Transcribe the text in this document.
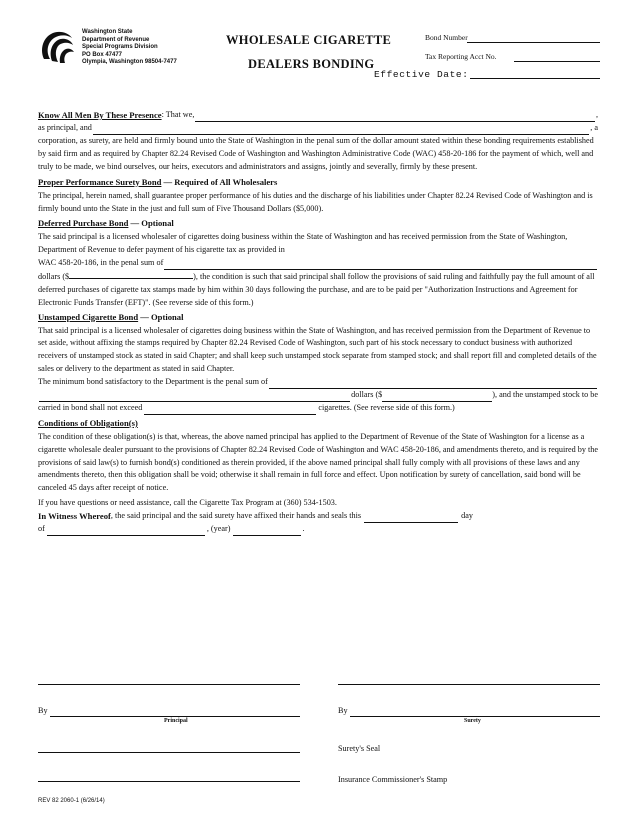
Washington State
Department of Revenue
Special Programs Division
PO Box 47477
Olympia, Washington 98504-7477
WHOLESALE CIGARETTE
DEALERS BONDING
Bond Number
Tax Reporting Acct No.
Effective Date:
Know All Men By These Presence : That we,	,
as principal, and	, a

corporation, as surety, are held and firmly bound unto the State of Washington in the penal sum of the dollar amount stated within these bonding requirements established by said firm and as required by Chapter 82.24 Revised Code of Washington and Washington Administrative Code (WAC) 458-20-186 for the payment of which, well and truly to be made, we bind ourselves, our heirs, executors and administrators and assigns, jointly and severally, firmly by these present.

Proper Performance Surety Bond — Required of All Wholesalers

The principal, herein named, shall guarantee proper performance of his duties and the discharge of his liabilities under Chapter 82.24 Revised Code of Washington and is firmly bound unto the State in the just and full sum of Five Thousand Dollars ($5,000).

Deferred Purchase Bond — Optional

The said principal is a licensed wholesaler of cigarettes doing business within the State of Washington and has received permission from the State of Washington, Department of Revenue to defer payment of his cigarette tax as provided in

WAC 458-20-186, in the penal sum of

dollars ($	), the condition is such that said principal shall follow the provisions of said ruling and faithfully pay the full amount of all deferred purchases of cigarette tax stamps made by him within 30 days following the purchase, and are to be paid per "Authorization Instructions and Agreement for Electronic Funds Transfer (EFT)". (See reverse side of this form.)

Unstamped Cigarette Bond — Optional

That said principal is a licensed wholesaler of cigarettes doing business within the State of Washington, and has received permission from the Department of Revenue to set aside, without affixing the stamps required by Chapter 82.24 Revised Code of Washington, such part of his stock necessary to conduct business with authorized receivers of unstamped stock as stated in said Chapter; and shall keep such unstamped stock separate from stamped stock; and shall report fill and completed details of the sales or delivery to the department as stated in said Chapter.

The minimum bond satisfactory to the Department is the penal sum of
dollars ($	), and the unstamped stock to be
carried in bond shall not exceed	cigarettes. (See reverse side of this form.)

Conditions of Obligation(s)

The condition of these obligation(s) is that, whereas, the above named principal has applied to the Department of Revenue of the State of Washington for a license as a cigarette wholesale dealer pursuant to the provisions of Chapter 82.24 Revised Code of Washington and WAC 458-20-186, and amendments thereto, and is required by the provisions of said law(s) to furnish bond(s) conditioned as therein provided, if the above named principal shall fully comply with all provisions of these laws and any amendments thereto, then this obligation shall be void; otherwise it shall remain in full force and effect. Upon notification by surety of cancellation, said bond will be canceled 45 days after receipt of notice.

If you have questions or need assistance, call the Cigarette Tax Program at (360) 534-1503.

In Witness Whereof , the said principal and the said surety have affixed their hands and seals this	day
of	, (year)	.
By
Principal
By
Surety
Surety's Seal
Insurance Commissioner's Stamp
REV 82 2060-1 (6/26/14)
